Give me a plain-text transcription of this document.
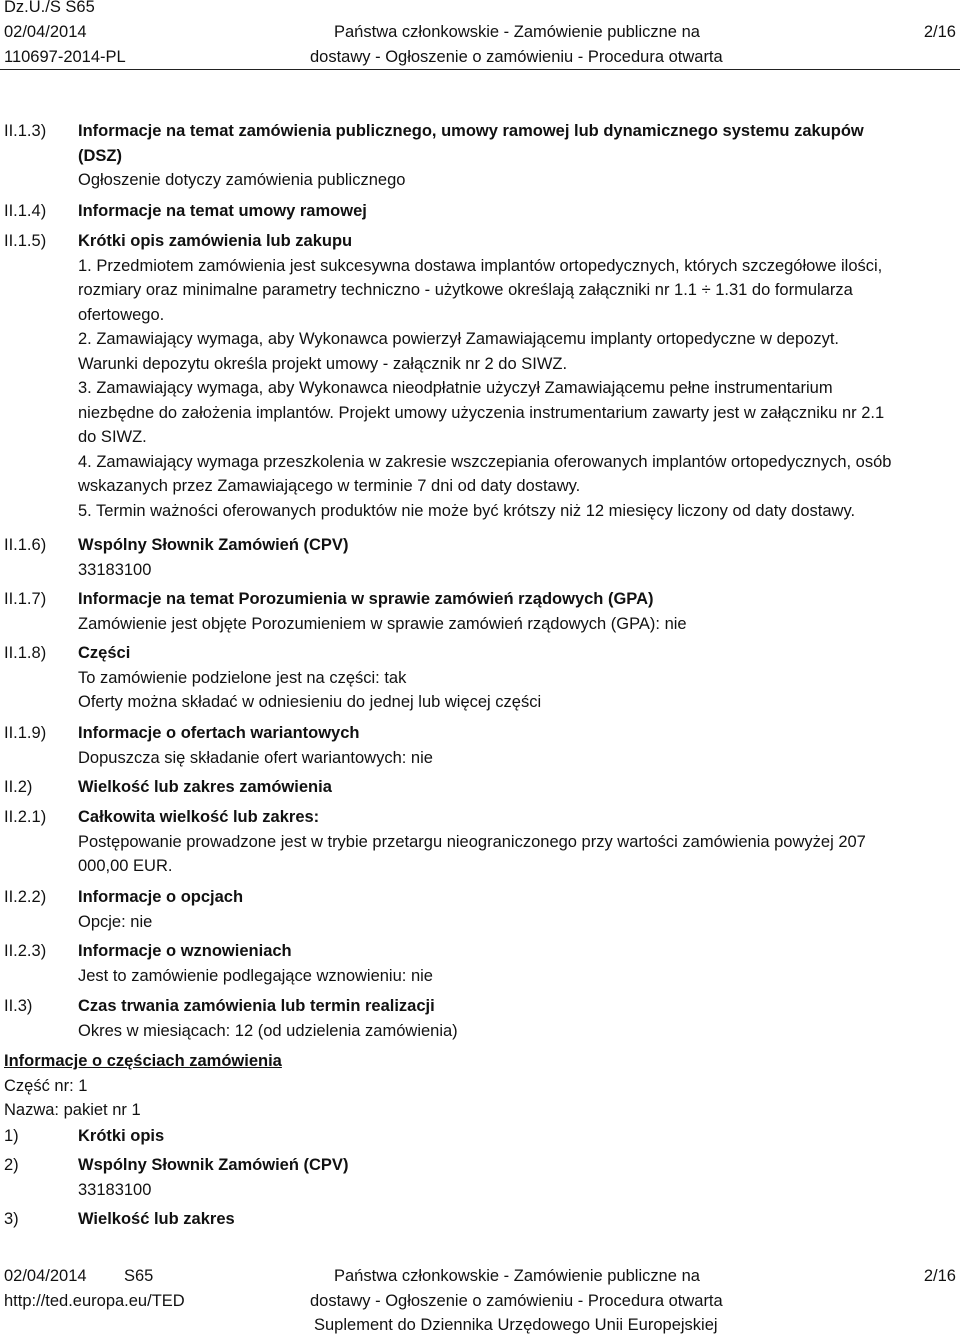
Dz.U./S S65
02/04/2014
110697-2014-PL
Państwa członkowskie - Zamówienie publiczne na
dostawy - Ogłoszenie o zamówieniu - Procedura otwarta
2/16
II.1.3) Informacje na temat zamówienia publicznego, umowy ramowej lub dynamicznego systemu zakupów

(DSZ)

Ogłoszenie dotyczy zamówienia publicznego

II.1.4) Informacje na temat umowy ramowej

II.1.5) Krótki opis zamówienia lub zakupu

1. Przedmiotem zamówienia jest sukcesywna dostawa implantów ortopedycznych, których szczegółowe ilości,

rozmiary oraz minimalne parametry techniczno - użytkowe określają załączniki nr 1.1 ÷ 1.31 do formularza

ofertowego.

2. Zamawiający wymaga, aby Wykonawca powierzył Zamawiającemu implanty ortopedyczne w depozyt.

Warunki depozytu określa projekt umowy - załącznik nr 2 do SIWZ.

3. Zamawiający wymaga, aby Wykonawca nieodpłatnie użyczył Zamawiającemu pełne instrumentarium

niezbędne do założenia implantów. Projekt umowy użyczenia instrumentarium zawarty jest w załączniku nr 2.1

do SIWZ.

4. Zamawiający wymaga przeszkolenia w zakresie wszczepiania oferowanych implantów ortopedycznych, osób

wskazanych przez Zamawiającego w terminie 7 dni od daty dostawy.

5. Termin ważności oferowanych produktów nie może być krótszy niż 12 miesięcy liczony od daty dostawy.

II.1.6) Wspólny Słownik Zamówień (CPV)

33183100

II.1.7) Informacje na temat Porozumienia w sprawie zamówień rządowych (GPA)

Zamówienie jest objęte Porozumieniem w sprawie zamówień rządowych (GPA): nie

II.1.8) Części

To zamówienie podzielone jest na części: tak

Oferty można składać w odniesieniu do jednej lub więcej części

II.1.9) Informacje o ofertach wariantowych

Dopuszcza się składanie ofert wariantowych: nie

II.2)	Wielkość lub zakres zamówienia

II.2.1) Całkowita wielkość lub zakres:

Postępowanie prowadzone jest w trybie przetargu nieograniczonego przy wartości zamówienia powyżej 207

000,00 EUR.

II.2.2) Informacje o opcjach

Opcje: nie

II.2.3) Informacje o wznowieniach

Jest to zamówienie podlegające wznowieniu: nie

II.3)	Czas trwania zamówienia lub termin realizacji

Okres w miesiącach: 12 (od udzielenia zamówienia)

Informacje o częściach zamówienia

Część nr: 1

Nazwa: pakiet nr 1

1)	Krótki opis

2)	Wspólny Słownik Zamówień (CPV)

33183100

3)	Wielkość lub zakres

02/04/2014 S65
http://ted.europa.eu/TED
Państwa członkowskie - Zamówienie publiczne na
dostawy - Ogłoszenie o zamówieniu - Procedura otwarta
Suplement do Dziennika Urzędowego Unii Europejskiej
2/16
